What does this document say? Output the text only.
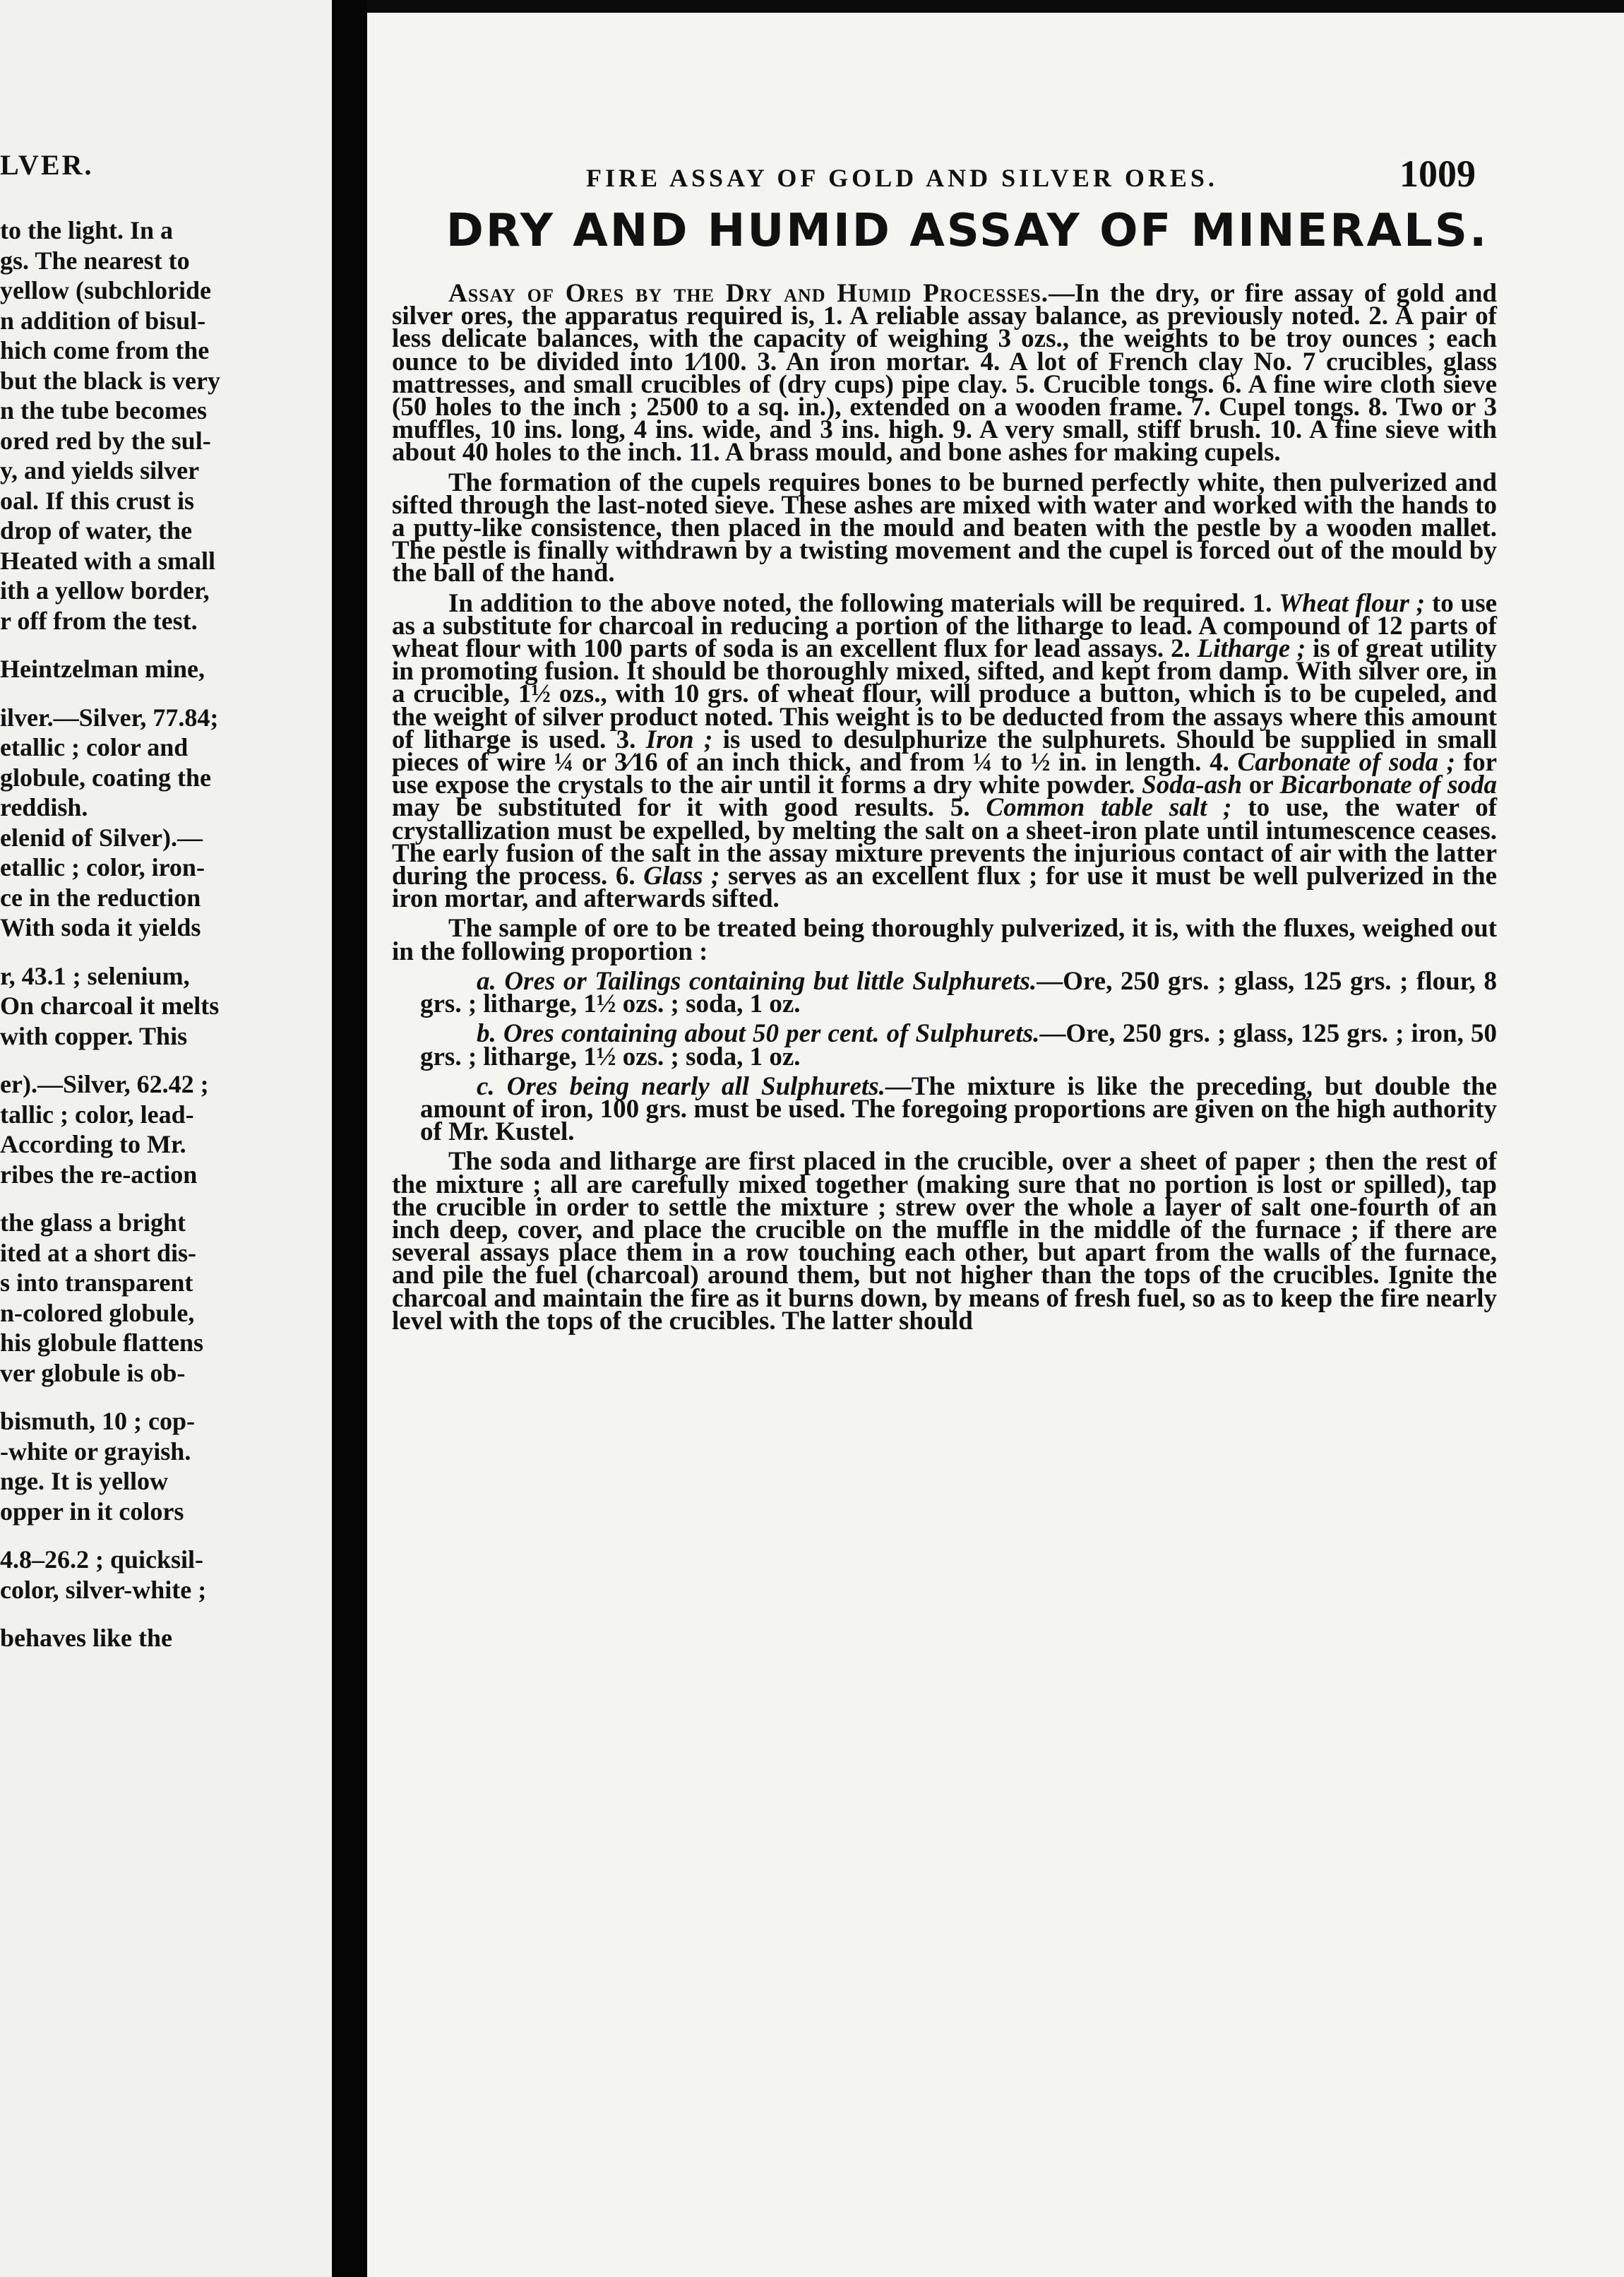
LVER.
to the light. In a
gs. The nearest to
yellow (subchloride
n addition of bisul-
hich come from the
but the black is very
n the tube becomes
ored red by the sul-
y, and yields silver
oal. If this crust is
drop of water, the
Heated with a small
ith a yellow border,
r off from the test.
Heintzelman mine,
ilver.—Silver, 77.84;
etallic ; color and
globule, coating the
reddish.
elenid of Silver).—
etallic ; color, iron-
ce in the reduction
With soda it yields
r, 43.1 ; selenium,
On charcoal it melts
with copper. This
er).—Silver, 62.42 ;
tallic ; color, lead-
According to Mr.
ribes the re-action
the glass a bright
ited at a short dis-
s into transparent
n-colored globule,
his globule flattens
ver globule is ob-
bismuth, 10 ; cop-
-white or grayish.
nge. It is yellow
opper in it colors
4.8–26.2 ; quicksil-
color, silver-white ;
behaves like the
FIRE ASSAY OF GOLD AND SILVER ORES.	1009
DRY AND HUMID ASSAY OF MINERALS.

Assay of Ores by the Dry and Humid Processes.—In the dry, or fire assay of gold and silver ores, the apparatus required is, 1. A reliable assay balance, as previously noted. 2. A pair of less delicate balances, with the capacity of weighing 3 ozs., the weights to be troy ounces ; each ounce to be divided into 1⁄100. 3. An iron mortar. 4. A lot of French clay No. 7 crucibles, glass mattresses, and small crucibles of (dry cups) pipe clay. 5. Crucible tongs. 6. A fine wire cloth sieve (50 holes to the inch ; 2500 to a sq. in.), extended on a wooden frame. 7. Cupel tongs. 8. Two or 3 muffles, 10 ins. long, 4 ins. wide, and 3 ins. high. 9. A very small, stiff brush. 10. A fine sieve with about 40 holes to the inch. 11. A brass mould, and bone ashes for making cupels.

The formation of the cupels requires bones to be burned perfectly white, then pulverized and sifted through the last-noted sieve. These ashes are mixed with water and worked with the hands to a putty-like consistence, then placed in the mould and beaten with the pestle by a wooden mallet. The pestle is finally withdrawn by a twisting movement and the cupel is forced out of the mould by the ball of the hand.

In addition to the above noted, the following materials will be required. 1. Wheat flour ; to use as a substitute for charcoal in reducing a portion of the litharge to lead. A compound of 12 parts of wheat flour with 100 parts of soda is an excellent flux for lead assays. 2. Litharge ; is of great utility in promoting fusion. It should be thoroughly mixed, sifted, and kept from damp. With silver ore, in a crucible, 1½ ozs., with 10 grs. of wheat flour, will produce a button, which is to be cupeled, and the weight of silver product noted. This weight is to be deducted from the assays where this amount of litharge is used. 3. Iron ; is used to desulphurize the sulphurets. Should be supplied in small pieces of wire ¼ or 3⁄16 of an inch thick, and from ¼ to ½ in. in length. 4. Carbonate of soda ; for use expose the crystals to the air until it forms a dry white powder. Soda-ash or Bicarbonate of soda may be substituted for it with good results. 5. Common table salt ; to use, the water of crystallization must be expelled, by melting the salt on a sheet-iron plate until intumescence ceases. The early fusion of the salt in the assay mixture prevents the injurious contact of air with the latter during the process. 6. Glass ; serves as an excellent flux ; for use it must be well pulverized in the iron mortar, and afterwards sifted.

The sample of ore to be treated being thoroughly pulverized, it is, with the fluxes, weighed out in the following proportion :

a. Ores or Tailings containing but little Sulphurets.—Ore, 250 grs. ; glass, 125 grs. ; flour, 8 grs. ; litharge, 1½ ozs. ; soda, 1 oz.

b. Ores containing about 50 per cent. of Sulphurets.—Ore, 250 grs. ; glass, 125 grs. ; iron, 50 grs. ; litharge, 1½ ozs. ; soda, 1 oz.

c. Ores being nearly all Sulphurets.—The mixture is like the preceding, but double the amount of iron, 100 grs. must be used. The foregoing proportions are given on the high authority of Mr. Kustel.

The soda and litharge are first placed in the crucible, over a sheet of paper ; then the rest of the mixture ; all are carefully mixed together (making sure that no portion is lost or spilled), tap the crucible in order to settle the mixture ; strew over the whole a layer of salt one-fourth of an inch deep, cover, and place the crucible on the muffle in the middle of the furnace ; if there are several assays place them in a row touching each other, but apart from the walls of the furnace, and pile the fuel (charcoal) around them, but not higher than the tops of the crucibles. Ignite the charcoal and maintain the fire as it burns down, by means of fresh fuel, so as to keep the fire nearly level with the tops of the crucibles. The latter should
